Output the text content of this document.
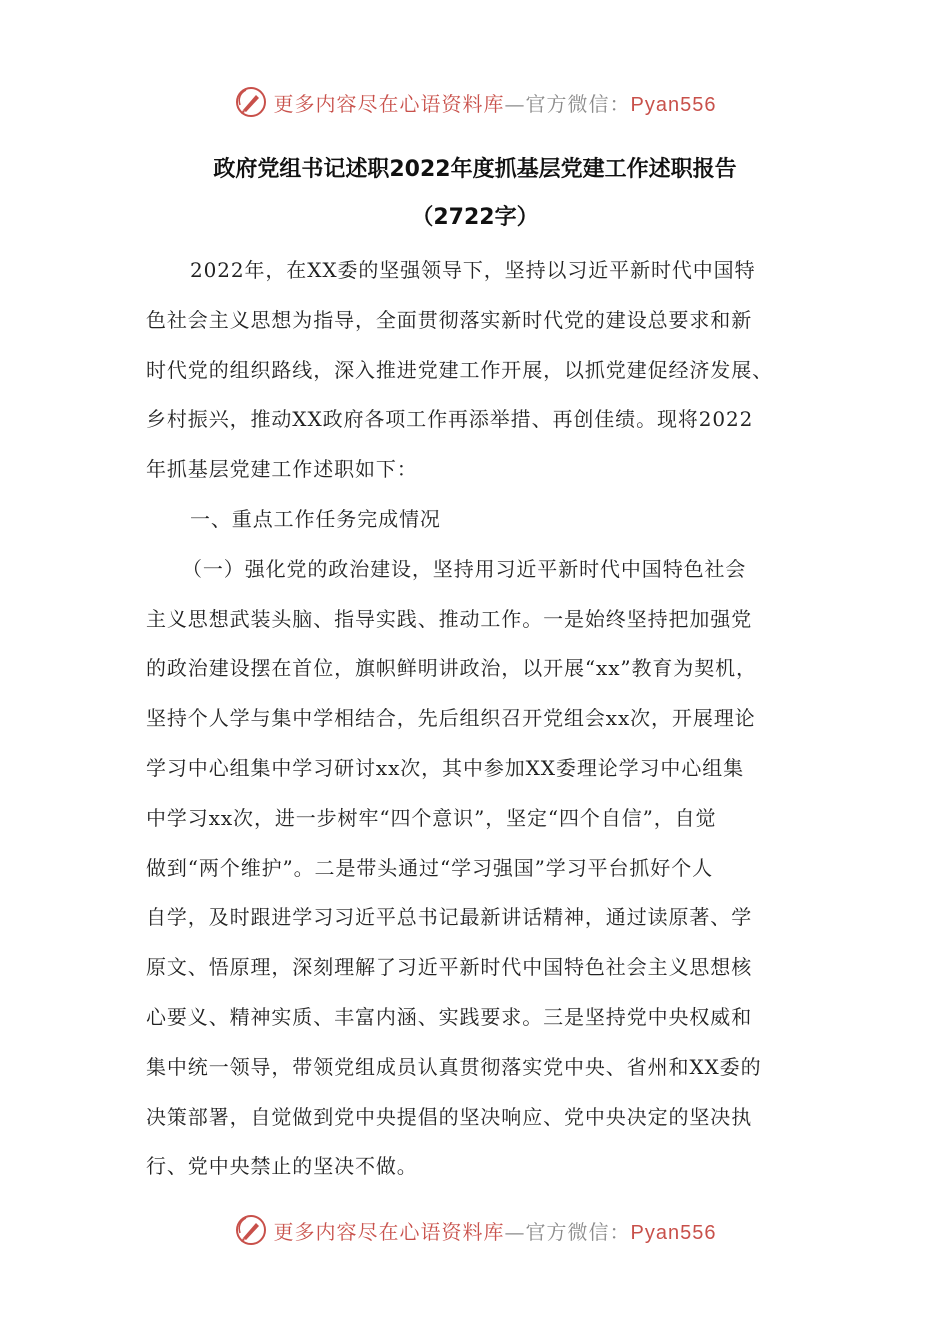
更多内容尽在心语资料库—官方微信：Pyan556
政府党组书记述职2022年度抓基层党建工作述职报告
（2722字）
2022年，在XX委的坚强领导下，坚持以习近平新时代中国特
色社会主义思想为指导，全面贯彻落实新时代党的建设总要求和新
时代党的组织路线，深入推进党建工作开展，以抓党建促经济发展、
乡村振兴，推动XX政府各项工作再添举措、再创佳绩。现将2022
年抓基层党建工作述职如下：
一、重点工作任务完成情况
（一）强化党的政治建设，坚持用习近平新时代中国特色社会
主义思想武装头脑、指导实践、推动工作。一是始终坚持把加强党
的政治建设摆在首位，旗帜鲜明讲政治，以开展“xx”教育为契机，
坚持个人学与集中学相结合，先后组织召开党组会xx次，开展理论
学习中心组集中学习研讨xx次，其中参加XX委理论学习中心组集
中学习xx次，进一步树牢“四个意识”，坚定“四个自信”，自觉
做到“两个维护”。二是带头通过“学习强国”学习平台抓好个人
自学，及时跟进学习习近平总书记最新讲话精神，通过读原著、学
原文、悟原理，深刻理解了习近平新时代中国特色社会主义思想核
心要义、精神实质、丰富内涵、实践要求。三是坚持党中央权威和
集中统一领导，带领党组成员认真贯彻落实党中央、省州和XX委的
决策部署，自觉做到党中央提倡的坚决响应、党中央决定的坚决执
行、党中央禁止的坚决不做。
更多内容尽在心语资料库—官方微信：Pyan556
